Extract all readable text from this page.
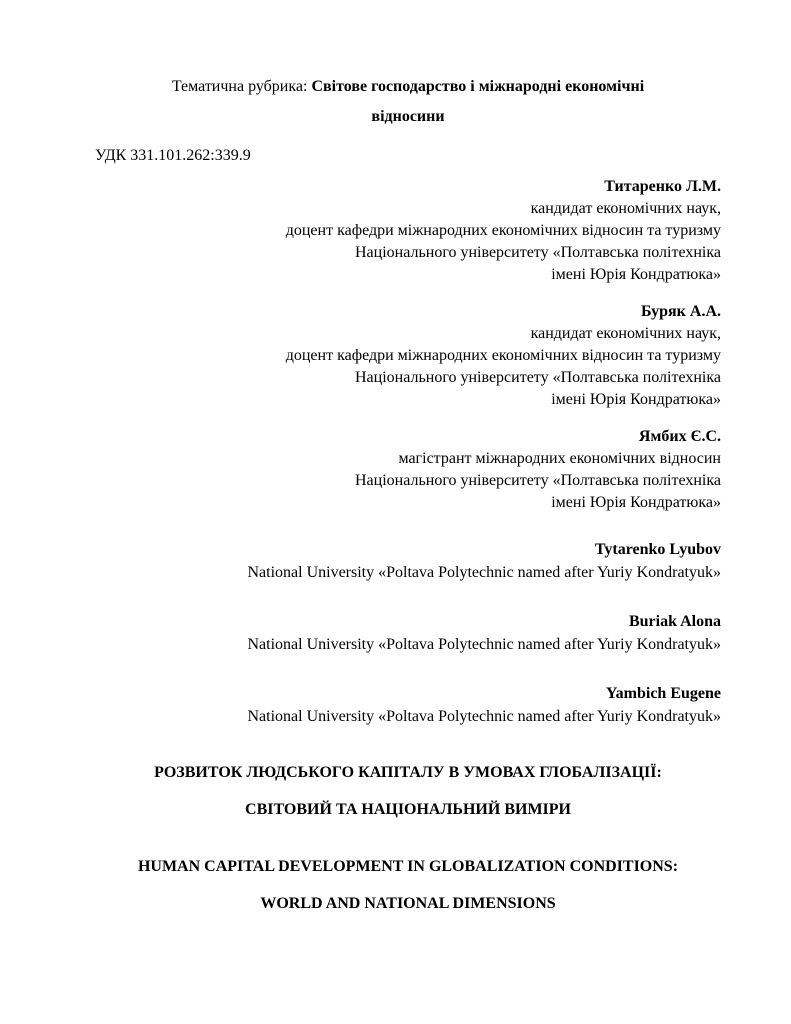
Тематична рубрика: Світове господарство і міжнародні економічні
відносини

УДК 331.101.262:339.9

Титаренко Л.М.

кандидат економічних наук,

доцент кафедри міжнародних економічних відносин та туризму

Національного університету «Полтавська політехніка

імені Юрія Кондратюка»

Буряк А.А.

кандидат економічних наук,

доцент кафедри міжнародних економічних відносин та туризму

Національного університету «Полтавська політехніка

імені Юрія Кондратюка»

Ямбих Є.С.

магістрант міжнародних економічних відносин

Національного університету «Полтавська політехніка

імені Юрія Кондратюка»

Tytarenko Lyubov

National University «Poltava Polytechnic named after Yuriy Kondratyuk»

Buriak Alona

National University «Poltava Polytechnic named after Yuriy Kondratyuk»

Yambich Eugene

National University «Poltava Polytechnic named after Yuriy Kondratyuk»

РОЗВИТОК ЛЮДСЬКОГО КАПІТАЛУ В УМОВАХ ГЛОБАЛІЗАЦІЇ:
СВІТОВИЙ ТА НАЦІОНАЛЬНИЙ ВИМІРИ

HUMAN CAPITAL DEVELOPMENT IN GLOBALIZATION CONDITIONS:
WORLD AND NATIONAL DIMENSIONS
